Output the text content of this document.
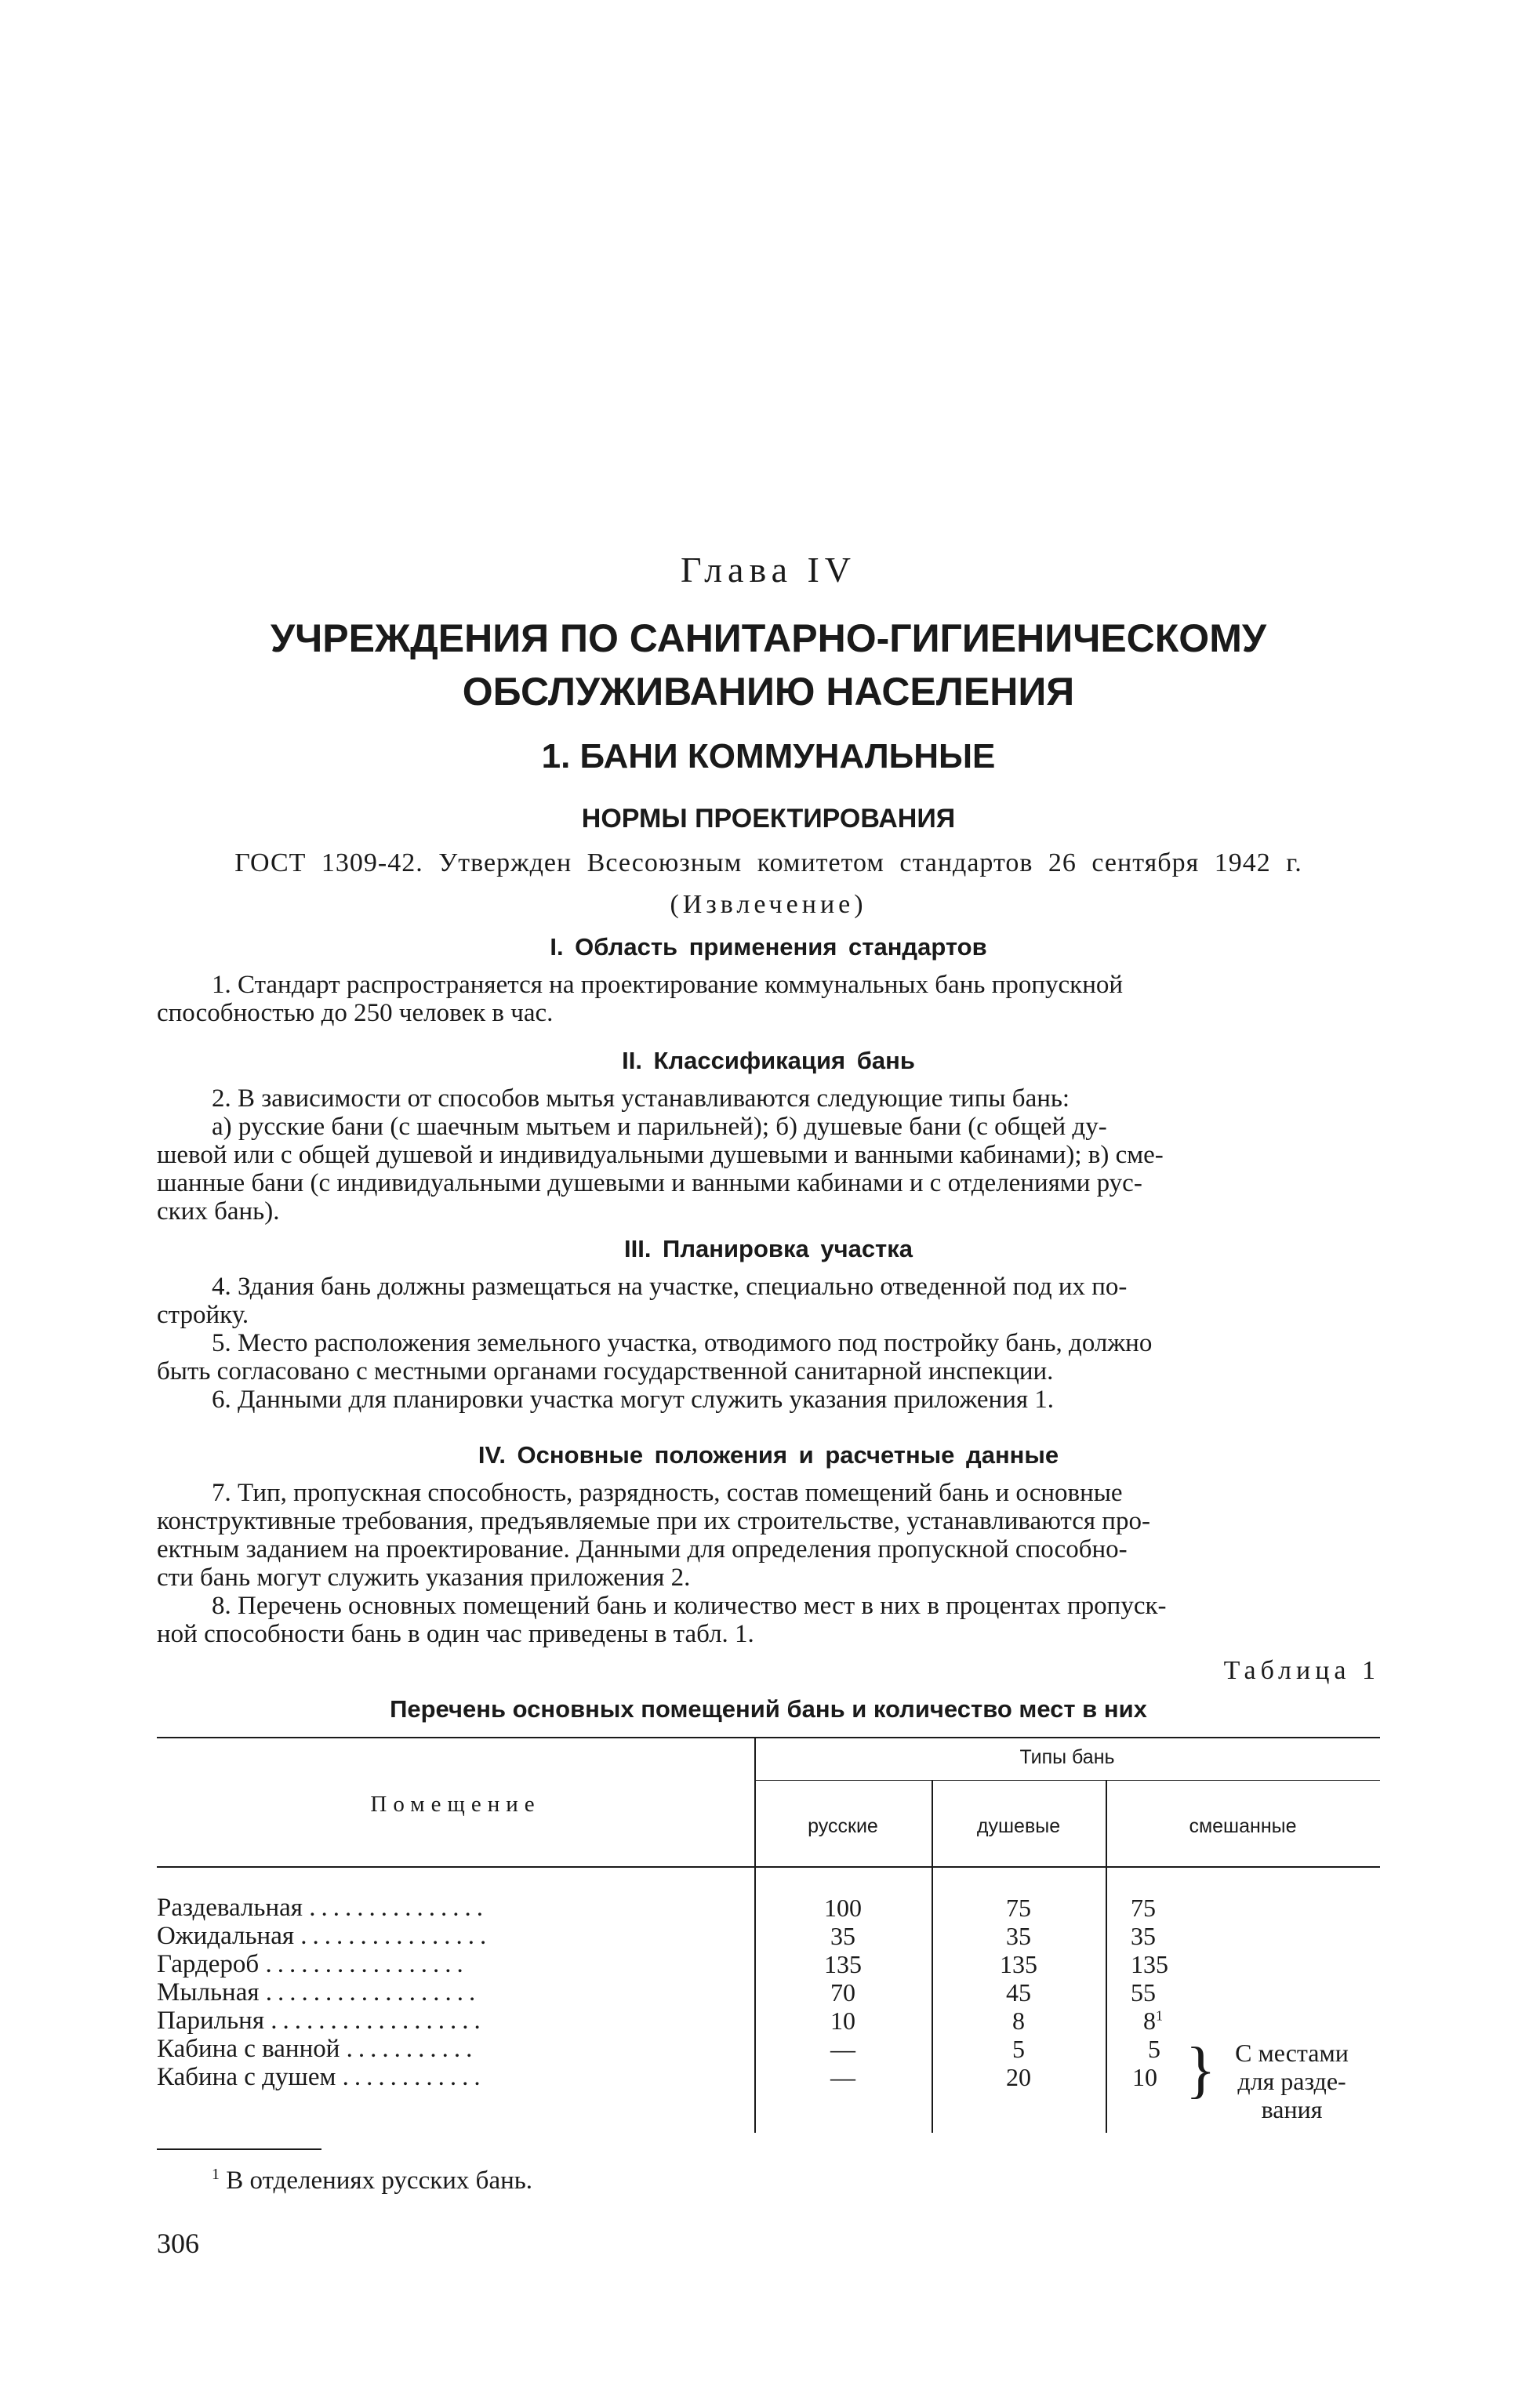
Глава IV
УЧРЕЖДЕНИЯ ПО САНИТАРНО-ГИГИЕНИЧЕСКОМУ
ОБСЛУЖИВАНИЮ НАСЕЛЕНИЯ
1. БАНИ КОММУНАЛЬНЫЕ
НОРМЫ ПРОЕКТИРОВАНИЯ
ГОСТ 1309-42. Утвержден Всесоюзным комитетом стандартов 26 сентября 1942 г.
(Извлечение)
I. Область применения стандартов
1. Стандарт распространяется на проектирование коммунальных бань пропускной
способностью до 250 человек в час.
II. Классификация бань
2. В зависимости от способов мытья устанавливаются следующие типы бань:
а) русские бани (с шаечным мытьем и парильней); б) душевые бани (с общей ду-
шевой или с общей душевой и индивидуальными душевыми и ванными кабинами); в) сме-
шанные бани (с индивидуальными душевыми и ванными кабинами и с отделениями рус-
ских бань).
III. Планировка участка
4. Здания бань должны размещаться на участке, специально отведенной под их по-
стройку.
5. Место расположения земельного участка, отводимого под постройку бань, должно
быть согласовано с местными органами государственной санитарной инспекции.
6. Данными для планировки участка могут служить указания приложения 1.
IV. Основные положения и расчетные данные
7. Тип, пропускная способность, разрядность, состав помещений бань и основные
конструктивные требования, предъявляемые при их строительстве, устанавливаются про-
ектным заданием на проектирование. Данными для определения пропускной способно-
сти бань могут служить указания приложения 2.
8. Перечень основных помещений бань и количество мест в них в процентах пропуск-
ной способности бань в один час приведены в табл. 1.
Таблица 1
Перечень основных помещений бань и количество мест в них
Помещение
Типы бань
русские	душевые	смешанные
Раздевальная ...............	100	75	75
Ожидальная ................	35	35	35
Гардероб .................	135	135	135
Мыльная ..................	70	45	55
Парильня ..................	10	8	$8^1$
Кабина с ванной ...........	—	5	5
Кабина с душем ............	—	20	10 } С местами
для разде-
вания
$^1$ В отделениях русских бань.
306
